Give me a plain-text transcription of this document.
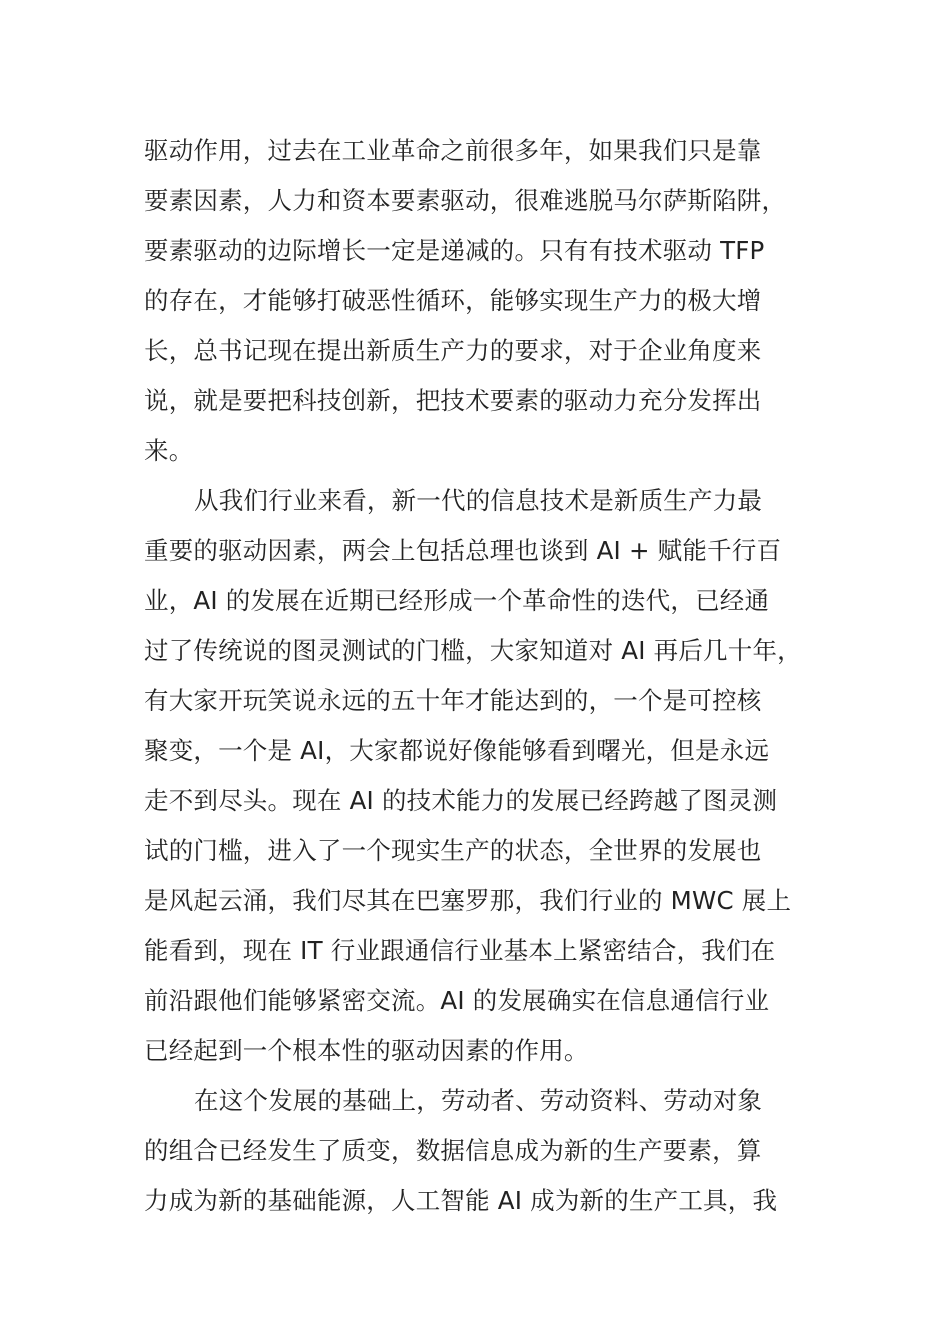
驱动作用，过去在工业革命之前很多年，如果我们只是靠
要素因素，人力和资本要素驱动，很难逃脱马尔萨斯陷阱，
要素驱动的边际增长一定是递减的。只有有技术驱动 TFP
的存在，才能够打破恶性循环，能够实现生产力的极大增
长，总书记现在提出新质生产力的要求，对于企业角度来
说，就是要把科技创新，把技术要素的驱动力充分发挥出
来。
从我们行业来看，新一代的信息技术是新质生产力最
重要的驱动因素，两会上包括总理也谈到 AI + 赋能千行百
业，AI 的发展在近期已经形成一个革命性的迭代，已经通
过了传统说的图灵测试的门槛，大家知道对 AI 再后几十年，
有大家开玩笑说永远的五十年才能达到的，一个是可控核
聚变，一个是 AI，大家都说好像能够看到曙光，但是永远
走不到尽头。现在 AI 的技术能力的发展已经跨越了图灵测
试的门槛，进入了一个现实生产的状态，全世界的发展也
是风起云涌，我们尽其在巴塞罗那，我们行业的 MWC 展上
能看到，现在 IT 行业跟通信行业基本上紧密结合，我们在
前沿跟他们能够紧密交流。AI 的发展确实在信息通信行业
已经起到一个根本性的驱动因素的作用。
在这个发展的基础上，劳动者、劳动资料、劳动对象
的组合已经发生了质变，数据信息成为新的生产要素，算
力成为新的基础能源，人工智能 AI 成为新的生产工具，我
